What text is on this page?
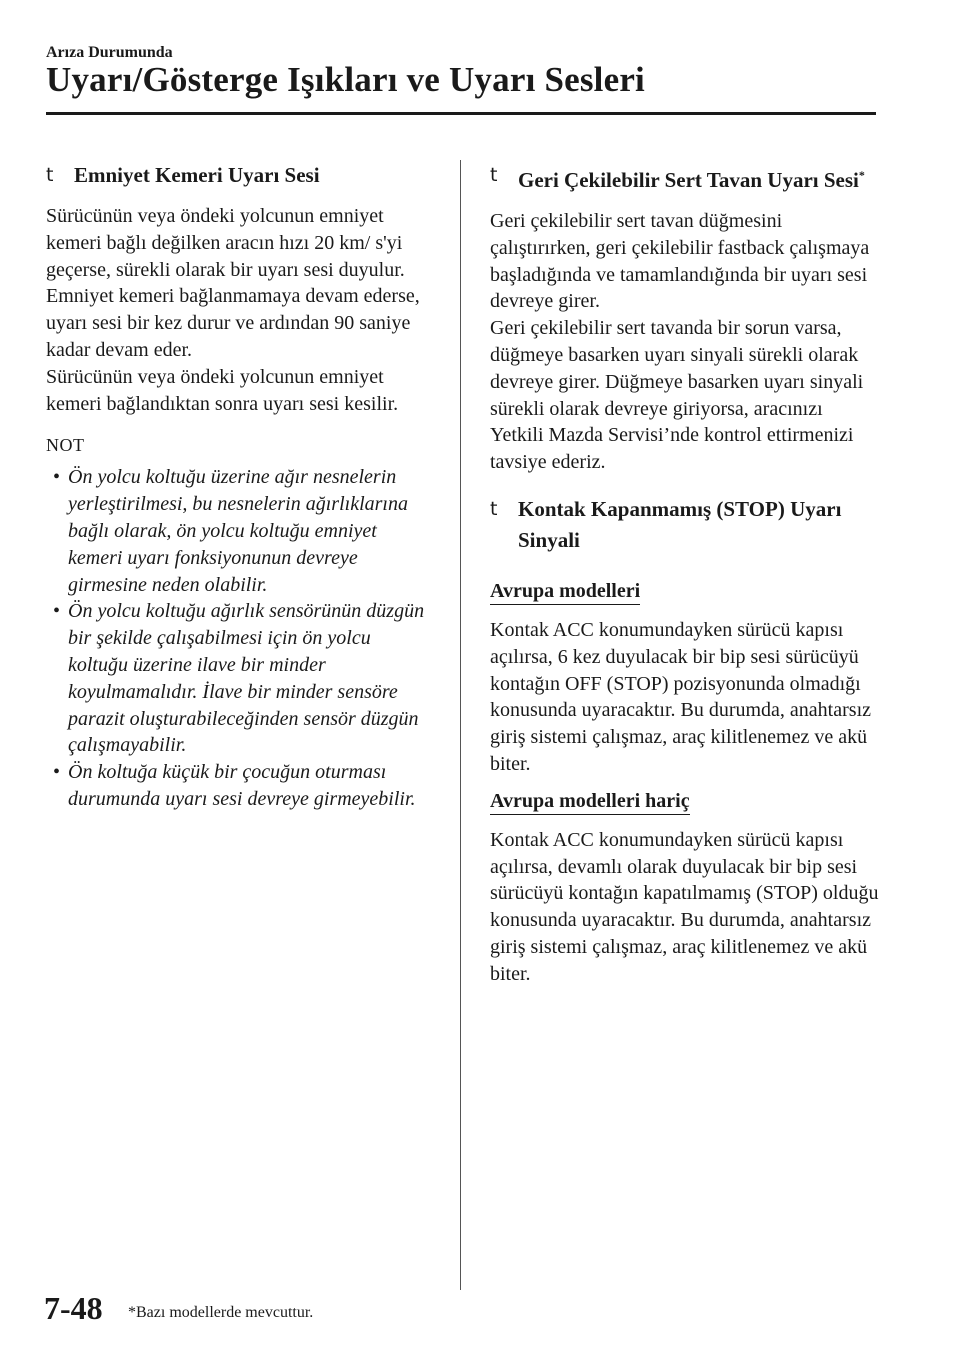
Arıza Durumunda
Uyarı/Gösterge Işıkları ve Uyarı Sesleri
t Emniyet Kemeri Uyarı Sesi

Sürücünün veya öndeki yolcunun emniyet kemeri bağlı değilken aracın hızı 20 km/ s'yi geçerse, sürekli olarak bir uyarı sesi duyulur. Emniyet kemeri bağlanmamaya devam ederse, uyarı sesi bir kez durur ve ardından 90 saniye kadar devam eder.

Sürücünün veya öndeki yolcunun emniyet kemeri bağlandıktan sonra uyarı sesi kesilir.

NOT
• Ön yolcu koltuğu üzerine ağır nesnelerin yerleştirilmesi, bu nesnelerin ağırlıklarına bağlı olarak, ön yolcu koltuğu emniyet kemeri uyarı fonksiyonunun devreye girmesine neden olabilir.
• Ön yolcu koltuğu ağırlık sensörünün düzgün bir şekilde çalışabilmesi için ön yolcu koltuğu üzerine ilave bir minder koyulmamalıdır. İlave bir minder sensöre parazit oluşturabileceğinden sensör düzgün çalışmayabilir.
• Ön koltuğa küçük bir çocuğun oturması durumunda uyarı sesi devreye girmeyebilir.
t Geri Çekilebilir Sert Tavan Uyarı Sesi*

Geri çekilebilir sert tavan düğmesini çalıştırırken, geri çekilebilir fastback çalışmaya başladığında ve tamamlandığında bir uyarı sesi devreye girer.

Geri çekilebilir sert tavanda bir sorun varsa, düğmeye basarken uyarı sinyali sürekli olarak devreye girer. Düğmeye basarken uyarı sinyali sürekli olarak devreye giriyorsa, aracınızı Yetkili Mazda Servisi’nde kontrol ettirmenizi tavsiye ederiz.

t Kontak Kapanmamış (STOP) Uyarı Sinyali
Avrupa modelleri

Kontak ACC konumundayken sürücü kapısı açılırsa, 6 kez duyulacak bir bip sesi sürücüyü kontağın OFF (STOP) pozisyonunda olmadığı konusunda uyaracaktır. Bu durumda, anahtarsız giriş sistemi çalışmaz, araç kilitlenemez ve akü biter.

Avrupa modelleri hariç

Kontak ACC konumundayken sürücü kapısı açılırsa, devamlı olarak duyulacak bir bip sesi sürücüyü kontağın kapatılmamış (STOP) olduğu konusunda uyaracaktır. Bu durumda, anahtarsız giriş sistemi çalışmaz, araç kilitlenemez ve akü biter.

7-48 *Bazı modellerde mevcuttur.
